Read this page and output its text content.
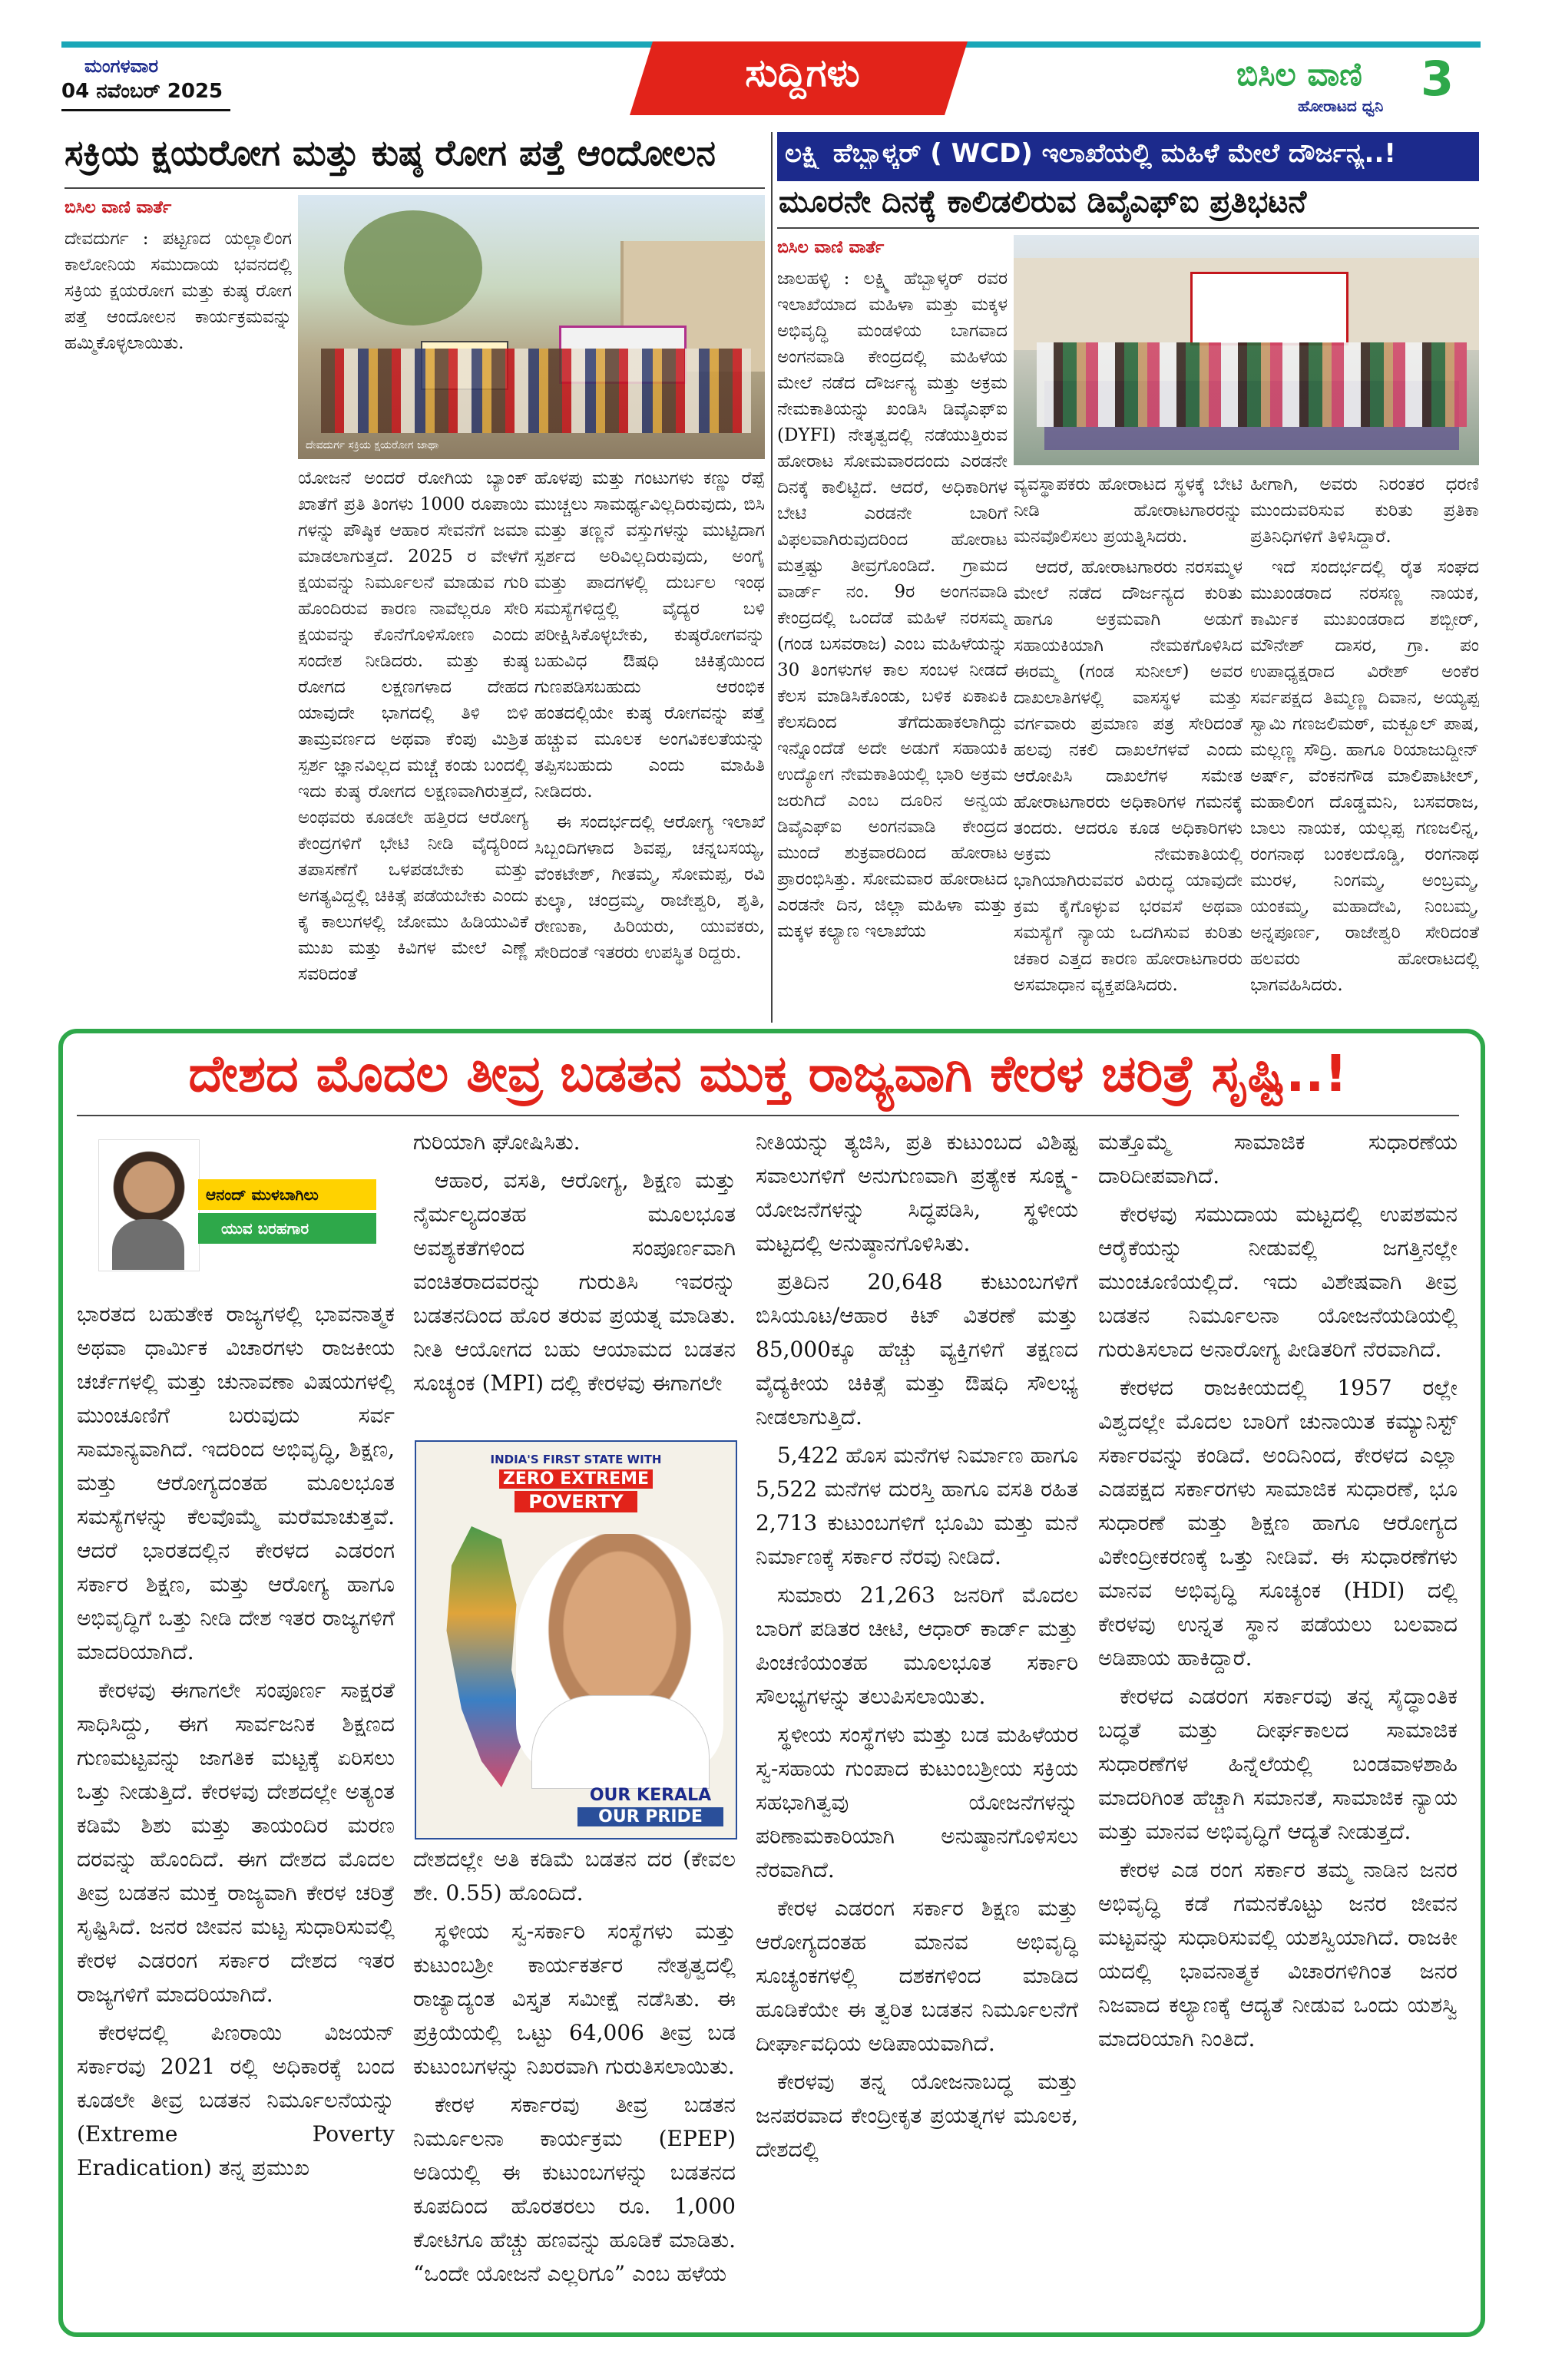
ಮಂಗಳವಾರ
04 ನವೆಂಬರ್ 2025	ಸುದ್ದಿಗಳು	ಬಿಸಿಲ ವಾಣಿ
ಹೋರಾಟದ ಧ್ವನಿ 3
ಸಕ್ರಿಯ ಕ್ಷಯರೋಗ ಮತ್ತು ಕುಷ್ಠ ರೋಗ ಪತ್ತೆ ಆಂದೋಲನ
ಬಿಸಿಲ ವಾಣಿ ವಾರ್ತೆ

ದೇವದುರ್ಗ : ಪಟ್ಟಣದ ಯಲ್ಲಾಲಿಂಗ ಕಾಲೋನಿಯ ಸಮುದಾಯ ಭವನದಲ್ಲಿ ಸಕ್ರಿಯ ಕ್ಷಯರೋಗ ಮತ್ತು ಕುಷ್ಠ ರೋಗ ಪತ್ತೆ ಆಂದೋಲನ ಕಾರ್ಯಕ್ರಮವನ್ನು ಹಮ್ಮಿಕೊಳ್ಳಲಾಯಿತು.

ದೇವದುರ್ಗ ಸಕ್ರಿಯ ಕ್ಷಯರೋಗ ಜಾಥಾ

ಯೋಜನೆ ಅಂದರೆ ರೋಗಿಯ ಬ್ಯಾಂಕ್ ಖಾತೆಗೆ ಪ್ರತಿ ತಿಂಗಳು 1000 ರೂಪಾಯಿ ಗಳನ್ನು ಪೌಷ್ಠಿಕ ಆಹಾರ ಸೇವನೆಗೆ ಜಮಾ ಮಾಡಲಾಗುತ್ತದೆ. 2025 ರ ವೇಳೆಗೆ ಕ್ಷಯವನ್ನು ನಿರ್ಮೂಲನೆ ಮಾಡುವ ಗುರಿ ಹೊಂದಿರುವ ಕಾರಣ ನಾವೆಲ್ಲರೂ ಸೇರಿ ಕ್ಷಯವನ್ನು ಕೊನೆಗೊಳಿಸೋಣ ಎಂದು ಸಂದೇಶ ನೀಡಿದರು. ಮತ್ತು ಕುಷ್ಠ ರೋಗದ ಲಕ್ಷಣಗಳಾದ ದೇಹದ ಯಾವುದೇ ಭಾಗದಲ್ಲಿ ತಿಳಿ ಬಿಳಿ ತಾಮ್ರವರ್ಣದ ಅಥವಾ ಕೆಂಪು ಮಿಶ್ರಿತ ಸ್ಪರ್ಶ ಜ್ಞಾನವಿಲ್ಲದ ಮಚ್ಚೆ ಕಂಡು ಬಂದಲ್ಲಿ ಇದು ಕುಷ್ಠ ರೋಗದ ಲಕ್ಷಣವಾಗಿರುತ್ತದೆ, ಅಂಥವರು ಕೂಡಲೇ ಹತ್ತಿರದ ಆರೋಗ್ಯ ಕೇಂದ್ರಗಳಿಗೆ ಭೇಟಿ ನೀಡಿ ವೈದ್ಯರಿಂದ ತಪಾಸಣೆಗೆ ಒಳಪಡಬೇಕು ಮತ್ತು ಅಗತ್ಯವಿದ್ದಲ್ಲಿ ಚಿಕಿತ್ಸೆ ಪಡೆಯಬೇಕು ಎಂದು ಕೈ ಕಾಲುಗಳಲ್ಲಿ ಜೋಮು ಹಿಡಿಯುವಿಕೆ ಮುಖ ಮತ್ತು ಕಿವಿಗಳ ಮೇಲೆ ಎಣ್ಣೆ ಸವರಿದಂತೆ

ಹೊಳಪು ಮತ್ತು ಗಂಟುಗಳು ಕಣ್ಣು ರೆಪ್ಪೆ ಮುಚ್ಚಲು ಸಾಮರ್ಥ್ಯವಿಲ್ಲದಿರುವುದು, ಬಿಸಿ ಮತ್ತು ತಣ್ಣನೆ ವಸ್ತುಗಳನ್ನು ಮುಟ್ಟಿದಾಗ ಸ್ಪರ್ಶದ ಅರಿವಿಲ್ಲದಿರುವುದು, ಅಂಗೈ ಮತ್ತು ಪಾದಗಳಲ್ಲಿ ದುರ್ಬಲ ಇಂಥ ಸಮಸ್ಯೆಗಳಿದ್ದಲ್ಲಿ ವೈದ್ಯರ ಬಳಿ ಪರೀಕ್ಷಿಸಿಕೊಳ್ಳಬೇಕು, ಕುಷ್ಠರೋಗವನ್ನು ಬಹುವಿಧ ಔಷಧಿ ಚಿಕಿತ್ಸೆಯಿಂದ ಗುಣಪಡಿಸಬಹುದು ಆರಂಭಿಕ ಹಂತದಲ್ಲಿಯೇ ಕುಷ್ಠ ರೋಗವನ್ನು ಪತ್ತೆ ಹಚ್ಚುವ ಮೂಲಕ ಅಂಗವಿಕಲತೆಯನ್ನು ತಪ್ಪಿಸಬಹುದು ಎಂದು ಮಾಹಿತಿ ನೀಡಿದರು.

ಈ ಸಂದರ್ಭದಲ್ಲಿ ಆರೋಗ್ಯ ಇಲಾಖೆ ಸಿಬ್ಬಂದಿಗಳಾದ ಶಿವಪ್ಪ, ಚನ್ನಬಸಯ್ಯ, ವೆಂಕಟೇಶ್, ಗೀತಮ್ಮ, ಸೋಮಪ್ಪ, ರವಿ ಕುಲ್ಕಾ, ಚಂದ್ರಮ್ಮ, ರಾಜೇಶ್ವರಿ, ಶೃತಿ, ರೇಣುಕಾ, ಹಿರಿಯರು, ಯುವಕರು, ಸೇರಿದಂತೆ ಇತರರು ಉಪಸ್ಥಿತ ರಿದ್ದರು.

ಲಕ್ಷ್ಮಿ ಹೆಬ್ಬಾಳ್ಕರ್ ( WCD) ಇಲಾಖೆಯಲ್ಲಿ ಮಹಿಳೆ ಮೇಲೆ ದೌರ್ಜನ್ಯ..!
ಮೂರನೇ ದಿನಕ್ಕೆ ಕಾಲಿಡಲಿರುವ ಡಿವೈಎಫ್ಐ ಪ್ರತಿಭಟನೆ
ಬಿಸಿಲ ವಾಣಿ ವಾರ್ತೆ

ಜಾಲಹಳ್ಳಿ : ಲಕ್ಷ್ಮಿ ಹೆಬ್ಬಾಳ್ಕರ್ ರವರ ಇಲಾಖೆಯಾದ ಮಹಿಳಾ ಮತ್ತು ಮಕ್ಕಳ ಅಭಿವೃದ್ಧಿ ಮಂಡಳಿಯ ಬಾಗವಾದ ಅಂಗನವಾಡಿ ಕೇಂದ್ರದಲ್ಲಿ ಮಹಿಳೆಯ ಮೇಲೆ ನಡೆದ ದೌರ್ಜನ್ಯ ಮತ್ತು ಅಕ್ರಮ ನೇಮಕಾತಿಯನ್ನು ಖಂಡಿಸಿ ಡಿವೈಎಫ್ಐ (DYFI) ನೇತೃತ್ವದಲ್ಲಿ ನಡೆಯುತ್ತಿರುವ ಹೋರಾಟ ಸೋಮವಾರದಂದು ಎರಡನೇ ದಿನಕ್ಕೆ ಕಾಲಿಟ್ಟಿದೆ. ಆದರೆ, ಅಧಿಕಾರಿಗಳ ಬೇಟಿ ಎರಡನೇ ಬಾರಿಗೆ ವಿಫಲವಾಗಿರುವುದರಿಂದ ಹೋರಾಟ ಮತ್ತಷ್ಟು ತೀವ್ರಗೊಂಡಿದೆ. ಗ್ರಾಮದ ವಾರ್ಡ್ ನಂ. 9ರ ಅಂಗನವಾಡಿ ಕೇಂದ್ರದಲ್ಲಿ ಒಂದೆಡೆ ಮಹಿಳೆ ನರಸಮ್ಮ (ಗಂಡ ಬಸವರಾಜ) ಎಂಬ ಮಹಿಳೆಯನ್ನು 30 ತಿಂಗಳುಗಳ ಕಾಲ ಸಂಬಳ ನೀಡದೆ ಕೆಲಸ ಮಾಡಿಸಿಕೊಂಡು, ಬಳಿಕ ಏಕಾಏಕಿ ಕೆಲಸದಿಂದ ತೆಗೆದುಹಾಕಲಾಗಿದ್ದು ಇನ್ನೊಂದೆಡೆ ಅದೇ ಅಡುಗೆ ಸಹಾಯಕಿ ಉದ್ಯೋಗ ನೇಮಕಾತಿಯಲ್ಲಿ ಭಾರಿ ಅಕ್ರಮ ಜರುಗಿದೆ ಎಂಬ ದೂರಿನ ಅನ್ವಯ ಡಿವೈಎಫ್ಐ ಅಂಗನವಾಡಿ ಕೇಂದ್ರದ ಮುಂದೆ ಶುಕ್ರವಾರದಿಂದ ಹೋರಾಟ ಪ್ರಾರಂಭಿಸಿತ್ತು. ಸೋಮವಾರ ಹೋರಾಟದ ಎರಡನೇ ದಿನ, ಜಿಲ್ಲಾ ಮಹಿಳಾ ಮತ್ತು ಮಕ್ಕಳ ಕಲ್ಯಾಣ ಇಲಾಖೆಯ

ವ್ಯವಸ್ಥಾಪಕರು ಹೋರಾಟದ ಸ್ಥಳಕ್ಕೆ ಬೇಟಿ ನೀಡಿ ಹೋರಾಟಗಾರರನ್ನು ಮನವೊಲಿಸಲು ಪ್ರಯತ್ನಿಸಿದರು.

ಆದರೆ, ಹೋರಾಟಗಾರರು ನರಸಮ್ಮಳ ಮೇಲೆ ನಡೆದ ದೌರ್ಜನ್ಯದ ಕುರಿತು ಹಾಗೂ ಅಕ್ರಮವಾಗಿ ಅಡುಗೆ ಸಹಾಯಕಿಯಾಗಿ ನೇಮಕಗೊಳಿಸಿದ ಈರಮ್ಮ (ಗಂಡ ಸುನೀಲ್) ಅವರ ದಾಖಲಾತಿಗಳಲ್ಲಿ ವಾಸಸ್ಥಳ ಮತ್ತು ವರ್ಗವಾರು ಪ್ರಮಾಣ ಪತ್ರ ಸೇರಿದಂತೆ ಹಲವು ನಕಲಿ ದಾಖಲೆಗಳವೆ ಎಂದು ಆರೋಪಿಸಿ ದಾಖಲೆಗಳ ಸಮೇತ ಹೋರಾಟಗಾರರು ಅಧಿಕಾರಿಗಳ ಗಮನಕ್ಕೆ ತಂದರು. ಆದರೂ ಕೂಡ ಅಧಿಕಾರಿಗಳು ಅಕ್ರಮ ನೇಮಕಾತಿಯಲ್ಲಿ ಭಾಗಿಯಾಗಿರುವವರ ವಿರುದ್ಧ ಯಾವುದೇ ಕ್ರಮ ಕೈಗೊಳ್ಳುವ ಭರವಸೆ ಅಥವಾ ಸಮಸ್ಯೆಗೆ ನ್ಯಾಯ ಒದಗಿಸುವ ಕುರಿತು ಚಕಾರ ಎತ್ತದ ಕಾರಣ ಹೋರಾಟಗಾರರು ಅಸಮಾಧಾನ ವ್ಯಕ್ತಪಡಿಸಿದರು.

ಹೀಗಾಗಿ, ಅವರು ನಿರಂತರ ಧರಣಿ ಮುಂದುವರಿಸುವ ಕುರಿತು ಪ್ರತಿಕಾ ಪ್ರತಿನಿಧಿಗಳಿಗೆ ತಿಳಿಸಿದ್ದಾರೆ.

ಇದೆ ಸಂದರ್ಭದಲ್ಲಿ ರೈತ ಸಂಘದ ಮುಖಂಡರಾದ ನರಸಣ್ಣ ನಾಯಕ, ಕಾರ್ಮಿಕ ಮುಖಂಡರಾದ ಶಬ್ಬೀರ್, ಮೌನೇಶ್ ದಾಸರ, ಗ್ರಾ. ಪಂ ಉಪಾಧ್ಯಕ್ಷರಾದ ವಿರೇಶ್ ಅಂಕೆರ ಸರ್ವಪಕ್ಷದ ತಿಮ್ಮಣ್ಣ ದಿವಾನ, ಅಯ್ಯಪ್ಪ ಸ್ವಾಮಿ ಗಣಜಲಿಮಠ್, ಮಕ್ಬೂಲ್ ಪಾಷ, ಮಲ್ಲಣ್ಣ ಸೌದ್ರಿ. ಹಾಗೂ ರಿಯಾಜುದ್ದೀನ್ ಅರ್ಷ್, ವೆಂಕನಗೌಡ ಮಾಲಿಪಾಟೀಲ್, ಮಹಾಲಿಂಗ ದೊಡ್ಡಮನಿ, ಬಸವರಾಜ, ಬಾಲು ನಾಯಕ, ಯಲ್ಲಪ್ಪ ಗಣಜಲಿನ್ನ, ರಂಗನಾಥ ಬಂಕಲದೊಡ್ಡಿ, ರಂಗನಾಥ ಮುರಳ, ನಿಂಗಮ್ಮ, ಅಂಬ್ರಮ್ಮ, ಯಂಕಮ್ಮ, ಮಹಾದೇವಿ, ನಿಂಬಮ್ಮ, ಅನ್ನಪೂರ್ಣ, ರಾಜೇಶ್ವರಿ ಸೇರಿದಂತೆ ಹಲವರು ಹೋರಾಟದಲ್ಲಿ ಭಾಗವಹಿಸಿದರು.

ದೇಶದ ಮೊದಲ ತೀವ್ರ ಬಡತನ ಮುಕ್ತ ರಾಜ್ಯವಾಗಿ ಕೇರಳ ಚರಿತ್ರೆ ಸೃಷ್ಟಿ..!
ಆನಂದ್ ಮುಳಬಾಗಿಲು
ಯುವ ಬರಹಗಾರ

ಭಾರತದ ಬಹುತೇಕ ರಾಜ್ಯಗಳಲ್ಲಿ ಭಾವನಾತ್ಮಕ ಅಥವಾ ಧಾರ್ಮಿಕ ವಿಚಾರಗಳು ರಾಜಕೀಯ ಚರ್ಚೆಗಳಲ್ಲಿ ಮತ್ತು ಚುನಾವಣಾ ವಿಷಯಗಳಲ್ಲಿ ಮುಂಚೂಣಿಗೆ ಬರುವುದು ಸರ್ವ ಸಾಮಾನ್ಯವಾಗಿದೆ. ಇದರಿಂದ ಅಭಿವೃದ್ಧಿ, ಶಿಕ್ಷಣ, ಮತ್ತು ಆರೋಗ್ಯದಂತಹ ಮೂಲಭೂತ ಸಮಸ್ಯೆಗಳನ್ನು ಕೆಲವೊಮ್ಮೆ ಮರೆಮಾಚುತ್ತವೆ. ಆದರೆ ಭಾರತದಲ್ಲಿನ ಕೇರಳದ ಎಡರಂಗ ಸರ್ಕಾರ ಶಿಕ್ಷಣ, ಮತ್ತು ಆರೋಗ್ಯ ಹಾಗೂ ಅಭಿವೃದ್ಧಿಗೆ ಒತ್ತು ನೀಡಿ ದೇಶ ಇತರ ರಾಜ್ಯಗಳಿಗೆ ಮಾದರಿಯಾಗಿದೆ.

ಕೇರಳವು ಈಗಾಗಲೇ ಸಂಪೂರ್ಣ ಸಾಕ್ಷರತೆ ಸಾಧಿಸಿದ್ದು, ಈಗ ಸಾರ್ವಜನಿಕ ಶಿಕ್ಷಣದ ಗುಣಮಟ್ಟವನ್ನು ಜಾಗತಿಕ ಮಟ್ಟಕ್ಕೆ ಏರಿಸಲು ಒತ್ತು ನೀಡುತ್ತಿದೆ. ಕೇರಳವು ದೇಶದಲ್ಲೇ ಅತ್ಯಂತ ಕಡಿಮೆ ಶಿಶು ಮತ್ತು ತಾಯಂದಿರ ಮರಣ ದರವನ್ನು ಹೊಂದಿದೆ. ಈಗ ದೇಶದ ಮೊದಲ ತೀವ್ರ ಬಡತನ ಮುಕ್ತ ರಾಜ್ಯವಾಗಿ ಕೇರಳ ಚರಿತ್ರೆ ಸೃಷ್ಟಿಸಿದೆ. ಜನರ ಜೀವನ ಮಟ್ಟ ಸುಧಾರಿಸುವಲ್ಲಿ ಕೇರಳ ಎಡರಂಗ ಸರ್ಕಾರ ದೇಶದ ಇತರ ರಾಜ್ಯಗಳಿಗೆ ಮಾದರಿಯಾಗಿದೆ.

ಕೇರಳದಲ್ಲಿ ಪಿಣರಾಯಿ ವಿಜಯನ್ ಸರ್ಕಾರವು 2021 ರಲ್ಲಿ ಅಧಿಕಾರಕ್ಕೆ ಬಂದ ಕೂಡಲೇ ತೀವ್ರ ಬಡತನ ನಿರ್ಮೂಲನೆಯನ್ನು (Extreme Poverty Eradication) ತನ್ನ ಪ್ರಮುಖ

ಗುರಿಯಾಗಿ ಘೋಷಿಸಿತು.

ಆಹಾರ, ವಸತಿ, ಆರೋಗ್ಯ, ಶಿಕ್ಷಣ ಮತ್ತು ನೈರ್ಮಲ್ಯದಂತಹ ಮೂಲಭೂತ ಅವಶ್ಯಕತೆಗಳಿಂದ ಸಂಪೂರ್ಣವಾಗಿ ವಂಚಿತರಾದವರನ್ನು ಗುರುತಿಸಿ ಇವರನ್ನು ಬಡತನದಿಂದ ಹೊರ ತರುವ ಪ್ರಯತ್ನ ಮಾಡಿತು. ನೀತಿ ಆಯೋಗದ ಬಹು ಆಯಾಮದ ಬಡತನ ಸೂಚ್ಯಂಕ (MPI) ದಲ್ಲಿ ಕೇರಳವು ಈಗಾಗಲೇ

INDIA'S FIRST STATE WITH
ZERO EXTREME
POVERTY
OUR KERALA
OUR PRIDE

ದೇಶದಲ್ಲೇ ಅತಿ ಕಡಿಮೆ ಬಡತನ ದರ (ಕೇವಲ ಶೇ. 0.55) ಹೊಂದಿದೆ.

ಸ್ಥಳೀಯ ಸ್ವ-ಸರ್ಕಾರಿ ಸಂಸ್ಥೆಗಳು ಮತ್ತು ಕುಟುಂಬಶ್ರೀ ಕಾರ್ಯಕರ್ತರ ನೇತೃತ್ವದಲ್ಲಿ ರಾಜ್ಯಾದ್ಯಂತ ವಿಸ್ತೃತ ಸಮೀಕ್ಷೆ ನಡೆಸಿತು. ಈ ಪ್ರಕ್ರಿಯೆಯಲ್ಲಿ ಒಟ್ಟು 64,006 ತೀವ್ರ ಬಡ ಕುಟುಂಬಗಳನ್ನು ನಿಖರವಾಗಿ ಗುರುತಿಸಲಾಯಿತು.

ಕೇರಳ ಸರ್ಕಾರವು ತೀವ್ರ ಬಡತನ ನಿರ್ಮೂಲನಾ ಕಾರ್ಯಕ್ರಮ (EPEP) ಅಡಿಯಲ್ಲಿ ಈ ಕುಟುಂಬಗಳನ್ನು ಬಡತನದ ಕೂಪದಿಂದ ಹೊರತರಲು ರೂ. 1,000 ಕೋಟಿಗೂ ಹೆಚ್ಚು ಹಣವನ್ನು ಹೂಡಿಕೆ ಮಾಡಿತು. “ಒಂದೇ ಯೋಜನೆ ಎಲ್ಲರಿಗೂ” ಎಂಬ ಹಳೆಯ

ನೀತಿಯನ್ನು ತ್ಯಜಿಸಿ, ಪ್ರತಿ ಕುಟುಂಬದ ವಿಶಿಷ್ಟ ಸವಾಲುಗಳಿಗೆ ಅನುಗುಣವಾಗಿ ಪ್ರತ್ಯೇಕ ಸೂಕ್ಷ್ಮ-ಯೋಜನೆಗಳನ್ನು ಸಿದ್ಧಪಡಿಸಿ, ಸ್ಥಳೀಯ ಮಟ್ಟದಲ್ಲಿ ಅನುಷ್ಠಾನಗೊಳಿಸಿತು.

ಪ್ರತಿದಿನ 20,648 ಕುಟುಂಬಗಳಿಗೆ ಬಿಸಿಯೂಟ/ಆಹಾರ ಕಿಟ್ ವಿತರಣೆ ಮತ್ತು 85,000ಕ್ಕೂ ಹೆಚ್ಚು ವ್ಯಕ್ತಿಗಳಿಗೆ ತಕ್ಷಣದ ವೈದ್ಯಕೀಯ ಚಿಕಿತ್ಸೆ ಮತ್ತು ಔಷಧಿ ಸೌಲಭ್ಯ ನೀಡಲಾಗುತ್ತಿದೆ.

5,422 ಹೊಸ ಮನೆಗಳ ನಿರ್ಮಾಣ ಹಾಗೂ 5,522 ಮನೆಗಳ ದುರಸ್ತಿ ಹಾಗೂ ವಸತಿ ರಹಿತ 2,713 ಕುಟುಂಬಗಳಿಗೆ ಭೂಮಿ ಮತ್ತು ಮನೆ ನಿರ್ಮಾಣಕ್ಕೆ ಸರ್ಕಾರ ನೆರವು ನೀಡಿದೆ.

ಸುಮಾರು 21,263 ಜನರಿಗೆ ಮೊದಲ ಬಾರಿಗೆ ಪಡಿತರ ಚೀಟಿ, ಆಧಾರ್ ಕಾರ್ಡ್ ಮತ್ತು ಪಿಂಚಣಿಯಂತಹ ಮೂಲಭೂತ ಸರ್ಕಾರಿ ಸೌಲಭ್ಯಗಳನ್ನು ತಲುಪಿಸಲಾಯಿತು.

ಸ್ಥಳೀಯ ಸಂಸ್ಥೆಗಳು ಮತ್ತು ಬಡ ಮಹಿಳೆಯರ ಸ್ವ-ಸಹಾಯ ಗುಂಪಾದ ಕುಟುಂಬಶ್ರೀಯ ಸಕ್ರಿಯ ಸಹಭಾಗಿತ್ವವು ಯೋಜನೆಗಳನ್ನು ಪರಿಣಾಮಕಾರಿಯಾಗಿ ಅನುಷ್ಠಾನಗೊಳಿಸಲು ನೆರವಾಗಿದೆ.

ಕೇರಳ ಎಡರಂಗ ಸರ್ಕಾರ ಶಿಕ್ಷಣ ಮತ್ತು ಆರೋಗ್ಯದಂತಹ ಮಾನವ ಅಭಿವೃದ್ಧಿ ಸೂಚ್ಯಂಕಗಳಲ್ಲಿ ದಶಕಗಳಿಂದ ಮಾಡಿದ ಹೂಡಿಕೆಯೇ ಈ ತ್ವರಿತ ಬಡತನ ನಿರ್ಮೂಲನೆಗೆ ದೀರ್ಘಾವಧಿಯ ಅಡಿಪಾಯವಾಗಿದೆ.

ಕೇರಳವು ತನ್ನ ಯೋಜನಾಬದ್ಧ ಮತ್ತು ಜನಪರವಾದ ಕೇಂದ್ರೀಕೃತ ಪ್ರಯತ್ನಗಳ ಮೂಲಕ, ದೇಶದಲ್ಲಿ

ಮತ್ತೊಮ್ಮೆ ಸಾಮಾಜಿಕ ಸುಧಾರಣೆಯ ದಾರಿದೀಪವಾಗಿದೆ.

ಕೇರಳವು ಸಮುದಾಯ ಮಟ್ಟದಲ್ಲಿ ಉಪಶಮನ ಆರೈಕೆಯನ್ನು ನೀಡುವಲ್ಲಿ ಜಗತ್ತಿನಲ್ಲೇ ಮುಂಚೂಣಿಯಲ್ಲಿದೆ. ಇದು ವಿಶೇಷವಾಗಿ ತೀವ್ರ ಬಡತನ ನಿರ್ಮೂಲನಾ ಯೋಜನೆಯಡಿಯಲ್ಲಿ ಗುರುತಿಸಲಾದ ಅನಾರೋಗ್ಯ ಪೀಡಿತರಿಗೆ ನೆರವಾಗಿದೆ.

ಕೇರಳದ ರಾಜಕೀಯದಲ್ಲಿ 1957 ರಲ್ಲೇ ವಿಶ್ವದಲ್ಲೇ ಮೊದಲ ಬಾರಿಗೆ ಚುನಾಯಿತ ಕಮ್ಯುನಿಸ್ಟ್ ಸರ್ಕಾರವನ್ನು ಕಂಡಿದೆ. ಅಂದಿನಿಂದ, ಕೇರಳದ ಎಲ್ಲಾ ಎಡಪಕ್ಷದ ಸರ್ಕಾರಗಳು ಸಾಮಾಜಿಕ ಸುಧಾರಣೆ, ಭೂ ಸುಧಾರಣೆ ಮತ್ತು ಶಿಕ್ಷಣ ಹಾಗೂ ಆರೋಗ್ಯದ ವಿಕೇಂದ್ರೀಕರಣಕ್ಕೆ ಒತ್ತು ನೀಡಿವೆ. ಈ ಸುಧಾರಣೆಗಳು ಮಾನವ ಅಭಿವೃದ್ಧಿ ಸೂಚ್ಯಂಕ (HDI) ದಲ್ಲಿ ಕೇರಳವು ಉನ್ನತ ಸ್ಥಾನ ಪಡೆಯಲು ಬಲವಾದ ಅಡಿಪಾಯ ಹಾಕಿದ್ದಾರೆ.

ಕೇರಳದ ಎಡರಂಗ ಸರ್ಕಾರವು ತನ್ನ ಸೈದ್ಧಾಂತಿಕ ಬದ್ಧತೆ ಮತ್ತು ದೀರ್ಘಕಾಲದ ಸಾಮಾಜಿಕ ಸುಧಾರಣೆಗಳ ಹಿನ್ನೆಲೆಯಲ್ಲಿ ಬಂಡವಾಳಶಾಹಿ ಮಾದರಿಗಿಂತ ಹೆಚ್ಚಾಗಿ ಸಮಾನತೆ, ಸಾಮಾಜಿಕ ನ್ಯಾಯ ಮತ್ತು ಮಾನವ ಅಭಿವೃದ್ಧಿಗೆ ಆದ್ಯತೆ ನೀಡುತ್ತದೆ.

ಕೇರಳ ಎಡ ರಂಗ ಸರ್ಕಾರ ತಮ್ಮ ನಾಡಿನ ಜನರ ಅಭಿವೃದ್ಧಿ ಕಡೆ ಗಮನಕೊಟ್ಟು ಜನರ ಜೀವನ ಮಟ್ಟವನ್ನು ಸುಧಾರಿಸುವಲ್ಲಿ ಯಶಸ್ವಿಯಾಗಿದೆ. ರಾಜಕೀ ಯದಲ್ಲಿ ಭಾವನಾತ್ಮಕ ವಿಚಾರಗಳಿಗಿಂತ ಜನರ ನಿಜವಾದ ಕಲ್ಯಾಣಕ್ಕೆ ಆದ್ಯತೆ ನೀಡುವ ಒಂದು ಯಶಸ್ವಿ ಮಾದರಿಯಾಗಿ ನಿಂತಿದೆ.
